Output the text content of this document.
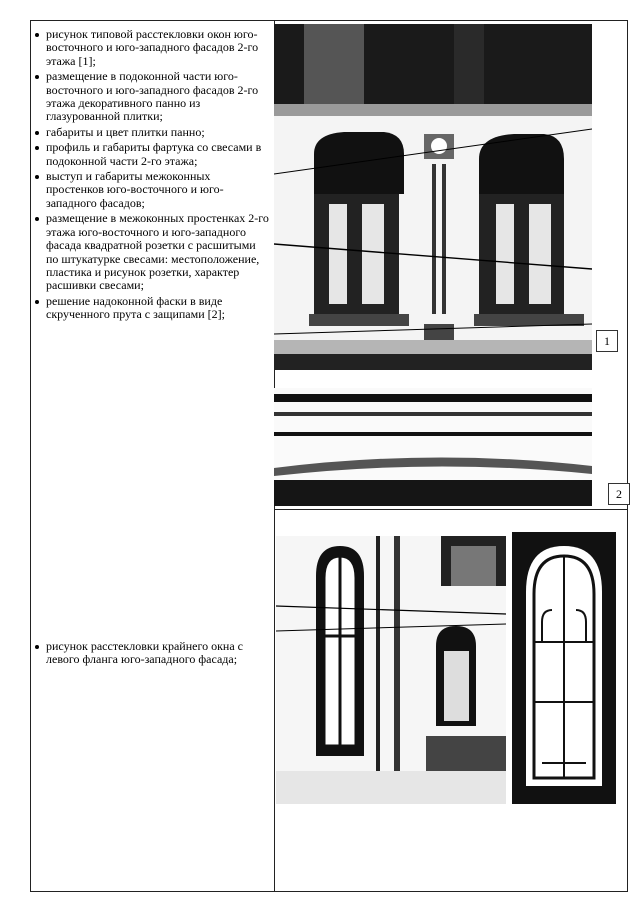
рисунок типовой расстекловки окон юго-восточного и юго-западного фасадов 2-го этажа [1];
размещение в подоконной части юго-восточного и юго-западного фасадов 2-го этажа декоративного панно из глазурованной плитки;
габариты и цвет плитки панно;
профиль и габариты фартука со свесами в подоконной части 2-го этажа;
выступ и габариты межоконных простенков юго-восточного и юго-западного фасадов;
размещение в межоконных простенках 2-го этажа юго-восточного и юго-западного фасада квадратной розетки с расшитыми по штукатурке свесами: местоположение, пластика и рисунок розетки, характер расшивки свесами;
решение надоконной фаски в виде скрученного прута с защипами [2];
рисунок расстекловки крайнего окна с левого фланга юго-западного фасада;
1
2
